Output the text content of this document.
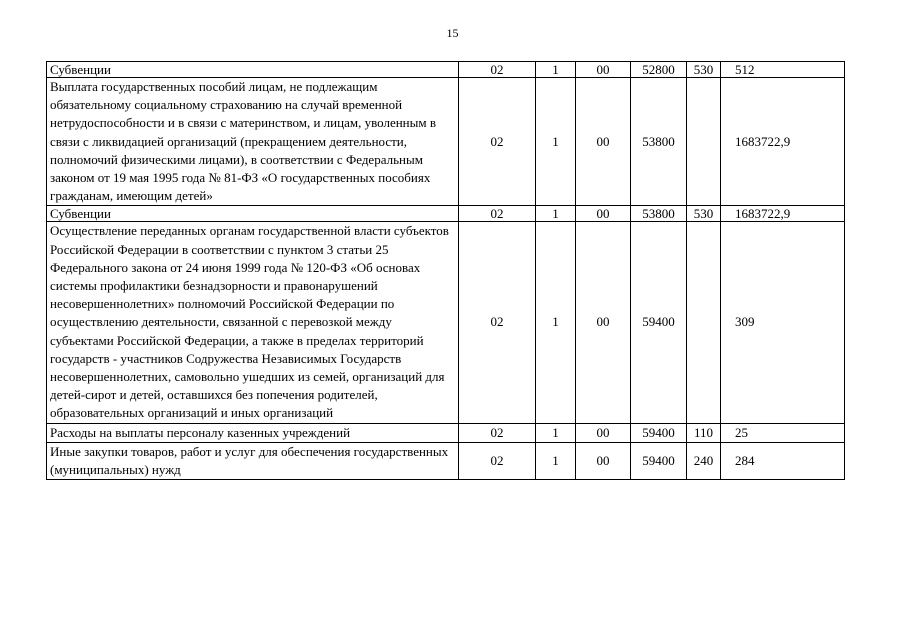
15
Субвенции	02	1	00	52800	530	512
Выплата государственных пособий лицам, не подлежащим обязательному социальному страхованию на случай временной нетрудоспособности и в связи с материнством, и лицам, уволенным в связи с ликвидацией организаций (прекращением деятельности, полномочий физическими лицами), в соответствии с Федеральным законом от 19 мая 1995 года № 81-ФЗ «О государственных пособиях гражданам, имеющим детей»	02	1	00	53800		1683722,9
Субвенции	02	1	00	53800	530	1683722,9
Осуществление переданных органам государственной власти субъектов Российской Федерации в соответствии с пунктом 3 статьи 25 Федерального закона от 24 июня 1999 года № 120-ФЗ «Об основах системы профилактики безнадзорности и правонарушений несовершеннолетних» полномочий Российской Федерации по осуществлению деятельности, связанной с перевозкой между субъектами Российской Федерации, а также в пределах территорий государств - участников Содружества Независимых Государств несовершеннолетних, самовольно ушедших из семей, организаций для детей-сирот и детей, оставшихся без попечения родителей, образовательных организаций и иных организаций	02	1	00	59400		309
Расходы на выплаты персоналу казенных учреждений	02	1	00	59400	110	25
Иные закупки товаров, работ и услуг для обеспечения государственных (муниципальных) нужд	02	1	00	59400	240	284
